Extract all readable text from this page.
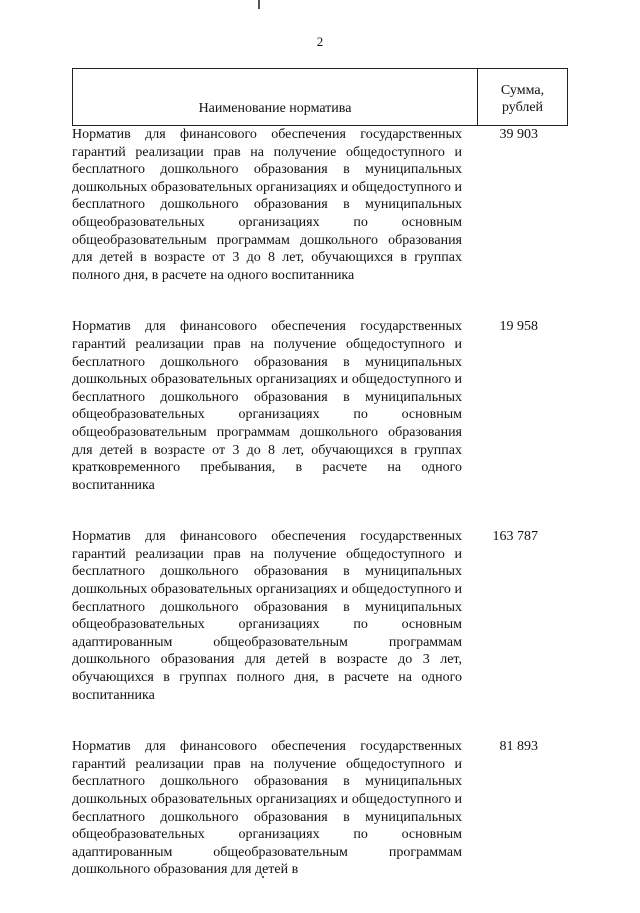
2
Наименование норматива
Сумма,
рублей

Норматив для финансового обеспечения государственных гарантий реализации прав на получение общедоступного и бесплатного дошкольного образования в муниципальных дошкольных образовательных организациях и общедоступного и бесплатного дошкольного образования в муниципальных общеобразовательных организациях по основным общеобразовательным программам дошкольного образования для детей в возрасте от 3 до 8 лет, обучающихся в группах полного дня, в расчете на одного воспитанника

39 903

Норматив для финансового обеспечения государственных гарантий реализации прав на получение общедоступного и бесплатного дошкольного образования в муниципальных дошкольных образовательных организациях и общедоступного и бесплатного дошкольного образования в муниципальных общеобразовательных организациях по основным общеобразовательным программам дошкольного образования для детей в возрасте от 3 до 8 лет, обучающихся в группах кратковременного пребывания, в расчете на одного воспитанника

19 958

Норматив для финансового обеспечения государственных гарантий реализации прав на получение общедоступного и бесплатного дошкольного образования в муниципальных дошкольных образовательных организациях и общедоступного и бесплатного дошкольного образования в муниципальных общеобразовательных организациях по основным адаптированным общеобразовательным программам дошкольного образования для детей в возрасте до 3 лет, обучающихся в группах полного дня, в расчете на одного воспитанника

163 787

Норматив для финансового обеспечения государственных гарантий реализации прав на получение общедоступного и бесплатного дошкольного образования в муниципальных дошкольных образовательных организациях и общедоступного и бесплатного дошкольного образования в муниципальных общеобразовательных организациях по основным адаптированным общеобразовательным программам дошкольного образования для детей в

81 893
